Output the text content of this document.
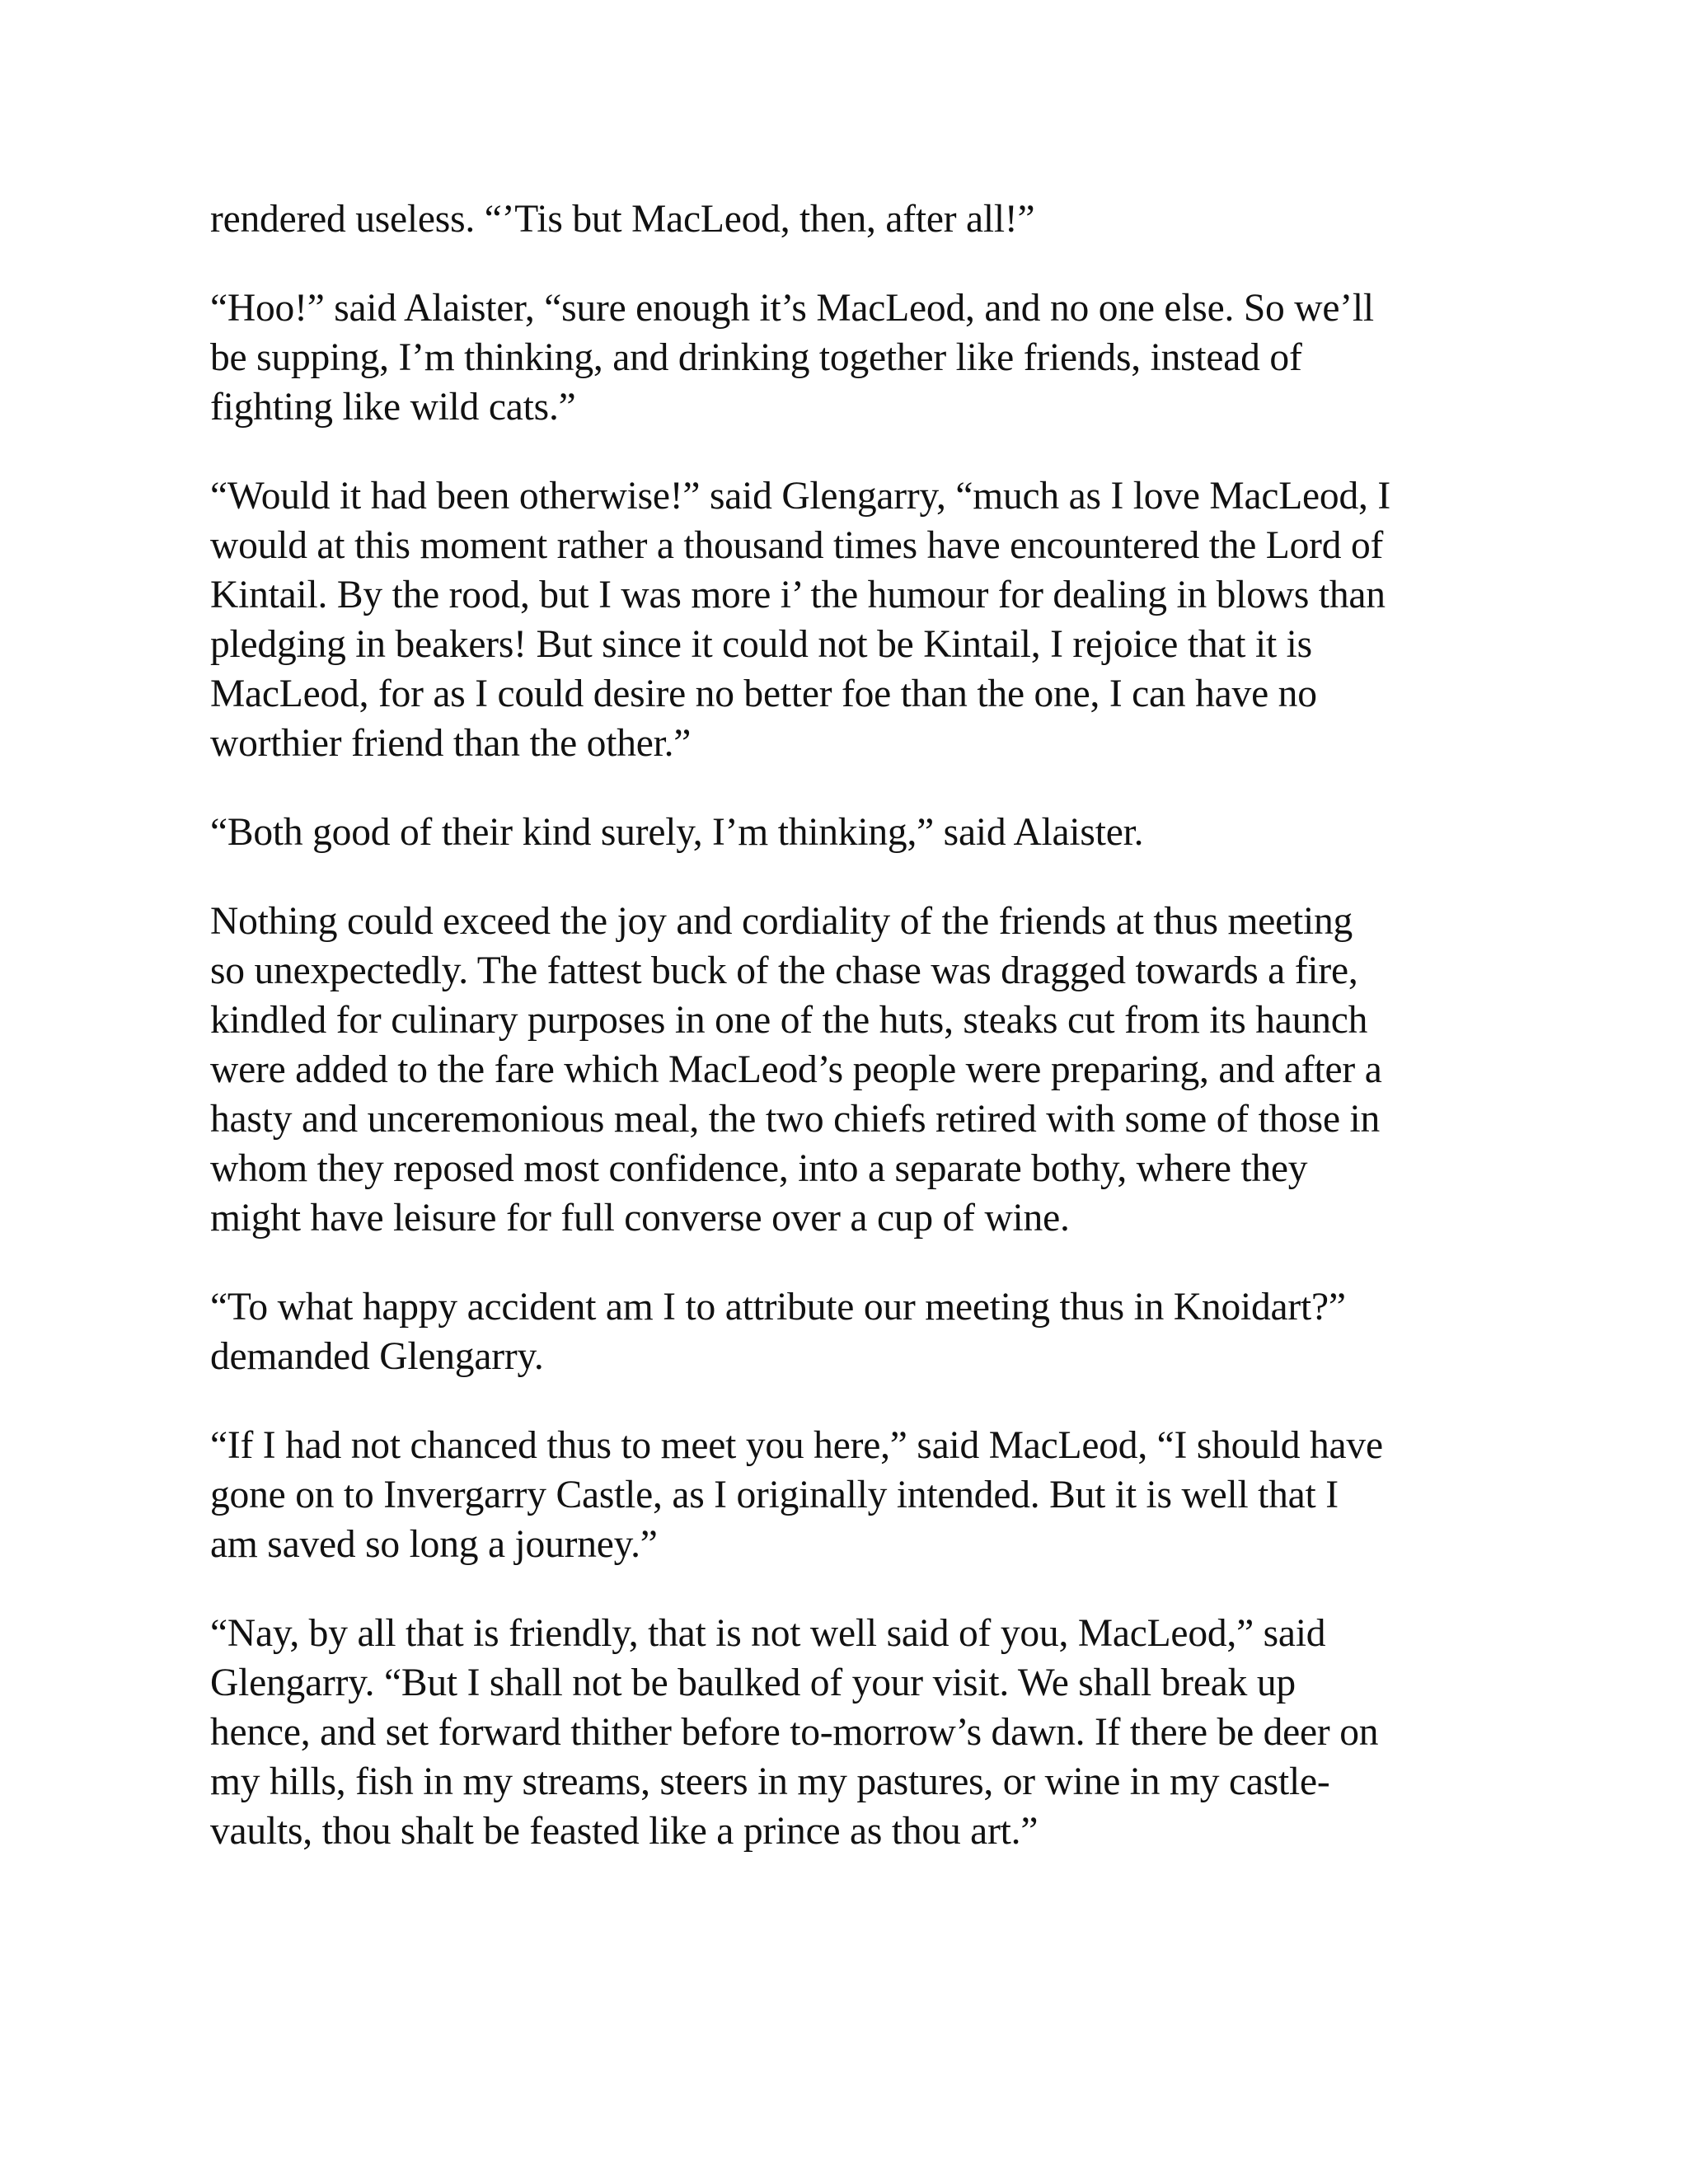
rendered useless. “’Tis but MacLeod, then, after all!”

“Hoo!” said Alaister, “sure enough it’s MacLeod, and no one else. So we’ll
be supping, I’m thinking, and drinking together like friends, instead of
fighting like wild cats.”

“Would it had been otherwise!” said Glengarry, “much as I love MacLeod, I
would at this moment rather a thousand times have encountered the Lord of
Kintail. By the rood, but I was more i’ the humour for dealing in blows than
pledging in beakers! But since it could not be Kintail, I rejoice that it is
MacLeod, for as I could desire no better foe than the one, I can have no
worthier friend than the other.”

“Both good of their kind surely, I’m thinking,” said Alaister.

Nothing could exceed the joy and cordiality of the friends at thus meeting
so unexpectedly. The fattest buck of the chase was dragged towards a fire,
kindled for culinary purposes in one of the huts, steaks cut from its haunch
were added to the fare which MacLeod’s people were preparing, and after a
hasty and unceremonious meal, the two chiefs retired with some of those in
whom they reposed most confidence, into a separate bothy, where they
might have leisure for full converse over a cup of wine.

“To what happy accident am I to attribute our meeting thus in Knoidart?”
demanded Glengarry.

“If I had not chanced thus to meet you here,” said MacLeod, “I should have
gone on to Invergarry Castle, as I originally intended. But it is well that I
am saved so long a journey.”

“Nay, by all that is friendly, that is not well said of you, MacLeod,” said
Glengarry. “But I shall not be baulked of your visit. We shall break up
hence, and set forward thither before to-morrow’s dawn. If there be deer on
my hills, fish in my streams, steers in my pastures, or wine in my castle-
vaults, thou shalt be feasted like a prince as thou art.”
